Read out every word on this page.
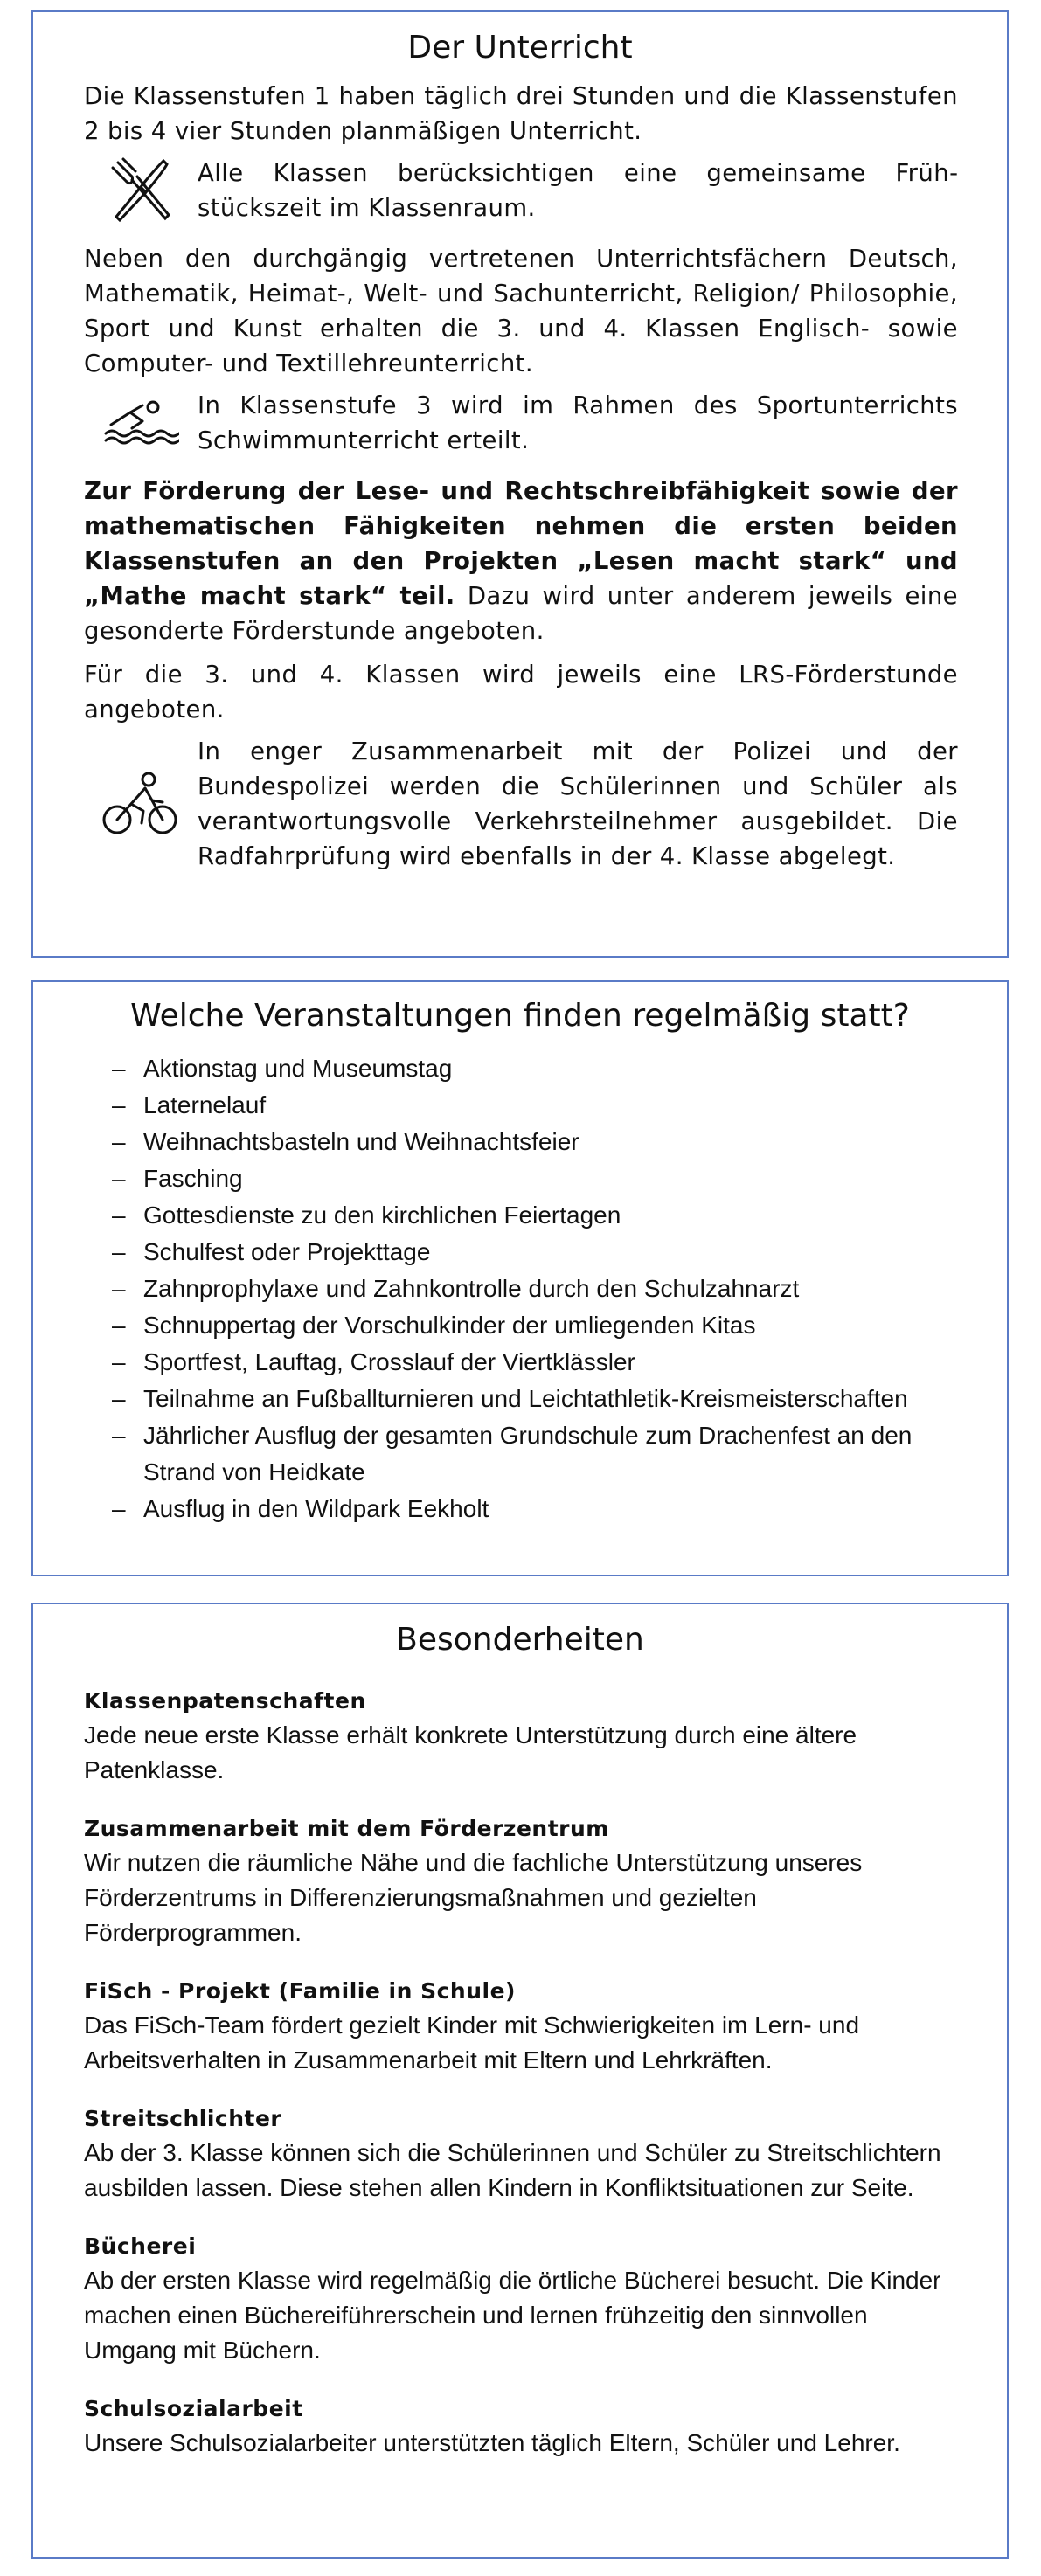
Der Unterricht

Die Klassenstufen 1 haben täglich drei Stunden und die Klassenstufen 2 bis 4 vier Stunden planmäßigen Unterricht.

Alle Klassen berücksichtigen eine gemeinsame Frühstückszeit im Klassenraum.

Neben den durchgängig vertretenen Unterrichtsfächern Deutsch, Mathematik, Heimat-, Welt- und Sachunterricht, Religion/ Philosophie, Sport und Kunst erhalten die 3. und 4. Klassen Englisch- sowie Computer- und Textillehreunterricht.

In Klassenstufe 3 wird im Rahmen des Sportunterrichts Schwimmunterricht erteilt.

Zur Förderung der Lese- und Rechtschreibfähigkeit sowie der mathematischen Fähigkeiten nehmen die ersten beiden Klassenstufen an den Projekten „Lesen macht stark“ und „Mathe macht stark“ teil. Dazu wird unter anderem jeweils eine gesonderte Förderstunde angeboten.

Für die 3. und 4. Klassen wird jeweils eine LRS-Förderstunde angeboten.

In enger Zusammenarbeit mit der Polizei und der Bundespolizei werden die Schülerinnen und Schüler als verantwortungsvolle Verkehrsteilnehmer ausgebildet. Die Radfahrprüfung wird ebenfalls in der 4. Klasse abgelegt.
Welche Veranstaltungen finden regelmäßig statt?
– Aktionstag und Museumstag
– Laternelauf
– Weihnachtsbasteln und Weihnachtsfeier
– Fasching
– Gottesdienste zu den kirchlichen Feiertagen
– Schulfest oder Projekttage
– Zahnprophylaxe und Zahnkontrolle durch den Schulzahnarzt
– Schnuppertag der Vorschulkinder der umliegenden Kitas
– Sportfest, Lauftag, Crosslauf der Viertklässler
– Teilnahme an Fußballturnieren und Leichtathletik-Kreismeisterschaften
– Jährlicher Ausflug der gesamten Grundschule zum Drachenfest an den Strand von Heidkate
– Ausflug in den Wildpark Eekholt
Besonderheiten

Klassenpatenschaften

Jede neue erste Klasse erhält konkrete Unterstützung durch eine ältere Patenklasse.

Zusammenarbeit mit dem Förderzentrum

Wir nutzen die räumliche Nähe und die fachliche Unterstützung unseres Förderzentrums in Differenzierungsmaßnahmen und gezielten Förderprogrammen.

FiSch - Projekt (Familie in Schule)

Das FiSch-Team fördert gezielt Kinder mit Schwierigkeiten im Lern- und Arbeitsverhalten in Zusammenarbeit mit Eltern und Lehrkräften.

Streitschlichter

Ab der 3. Klasse können sich die Schülerinnen und Schüler zu Streitschlichtern ausbilden lassen. Diese stehen allen Kindern in Konfliktsituationen zur Seite.

Bücherei

Ab der ersten Klasse wird regelmäßig die örtliche Bücherei besucht. Die Kinder machen einen Büchereiführerschein und lernen frühzeitig den sinnvollen Umgang mit Büchern.

Schulsozialarbeit

Unsere Schulsozialarbeiter unterstützten täglich Eltern, Schüler und Lehrer.
